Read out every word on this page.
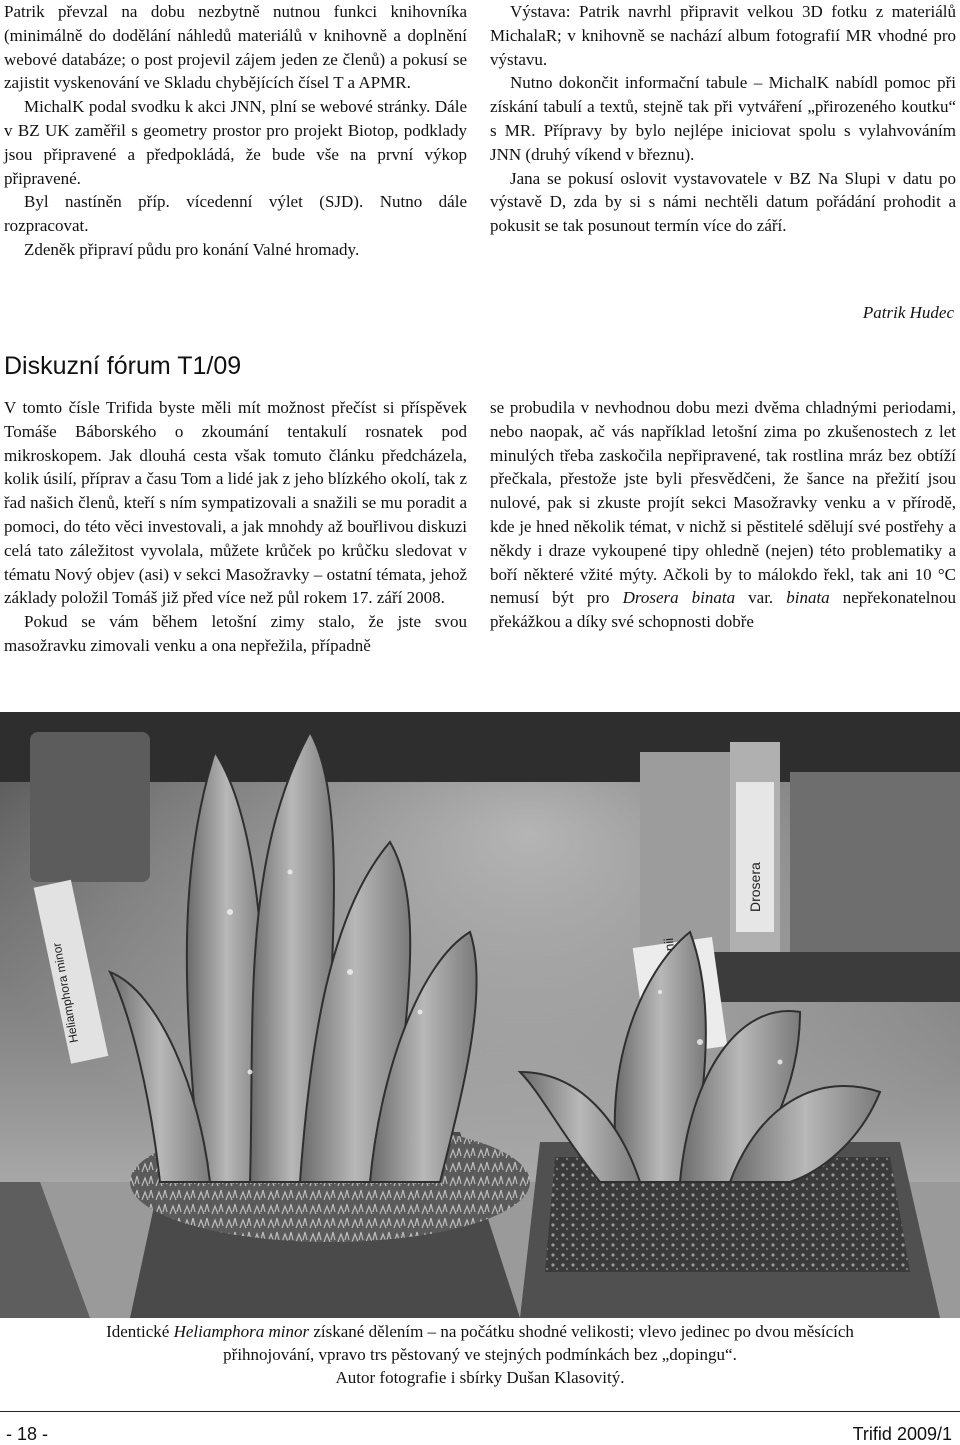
Patrik převzal na dobu nezbytně nutnou funkci knihovníka (minimálně do dodělání náhledů materiálů v knihovně a doplnění webové databáze; o post projevil zájem jeden ze členů) a pokusí se zajistit vyskenování ve Skladu chybějících čísel T a APMR.

MichalK podal svodku k akci JNN, plní se webové stránky. Dále v BZ UK zaměřil s geometry prostor pro projekt Biotop, podklady jsou připravené a předpokládá, že bude vše na první výkop připravené.

Byl nastíněn příp. vícedenní výlet (SJD). Nutno dále rozpracovat.

Zdeněk připraví půdu pro konání Valné hromady.

Výstava: Patrik navrhl připravit velkou 3D fotku z materiálů MichalaR; v knihovně se nachází album fotografií MR vhodné pro výstavu.

Nutno dokončit informační tabule – MichalK nabídl pomoc při získání tabulí a textů, stejně tak při vytváření „přirozeného koutku“ s MR. Přípravy by bylo nejlépe iniciovat spolu s vylahvováním JNN (druhý víkend v březnu).

Jana se pokusí oslovit vystavovatele v BZ Na Slupi v datu po výstavě D, zda by si s námi nechtěli datum pořádání prohodit a pokusit se tak posunout termín více do září.

Patrik Hudec
Diskuzní fórum T1/09

V tomto čísle Trifida byste měli mít možnost přečíst si příspěvek Tomáše Báborského o zkoumání tentakulí rosnatek pod mikroskopem. Jak dlouhá cesta však tomuto článku předcházela, kolik úsilí, příprav a času Tom a lidé jak z jeho blízkého okolí, tak z řad našich členů, kteří s ním sympatizovali a snažili se mu poradit a pomoci, do této věci investovali, a jak mnohdy až bouřlivou diskuzi celá tato záležitost vyvolala, můžete krůček po krůčku sledovat v tématu Nový objev (asi) v sekci Masožravky – ostatní témata, jehož základy položil Tomáš již před více než půl rokem 17. září 2008.

Pokud se vám během letošní zimy stalo, že jste svou masožravku zimovali venku a ona nepřežila, případně

se probudila v nevhodnou dobu mezi dvěma chladnými periodami, nebo naopak, ač vás například letošní zima po zkušenostech z let minulých třeba zaskočila nepřipravené, tak rostlina mráz bez obtíží přečkala, přestože jste byli přesvědčeni, že šance na přežití jsou nulové, pak si zkuste projít sekci Masožravky venku a v přírodě, kde je hned několik témat, v nichž si pěstitelé sdělují své postřehy a někdy i draze vykoupené tipy ohledně (nejen) této problematiky a boří některé vžité mýty. Ačkoli by to málokdo řekl, tak ani 10 °C nemusí být pro Drosera binata var. binata nepřekonatelnou překážkou a díky své schopnosti dobře

Drosera
Heliamphora minor
Identické Heliamphora minor získané dělením – na počátku shodné velikosti; vlevo jedinec po dvou měsících
přihnojování, vpravo trs pěstovaný ve stejných podmínkách bez „dopingu“.
Autor fotografie i sbírky Dušan Klasovitý.
- 18 -	Trifid 2009/1
